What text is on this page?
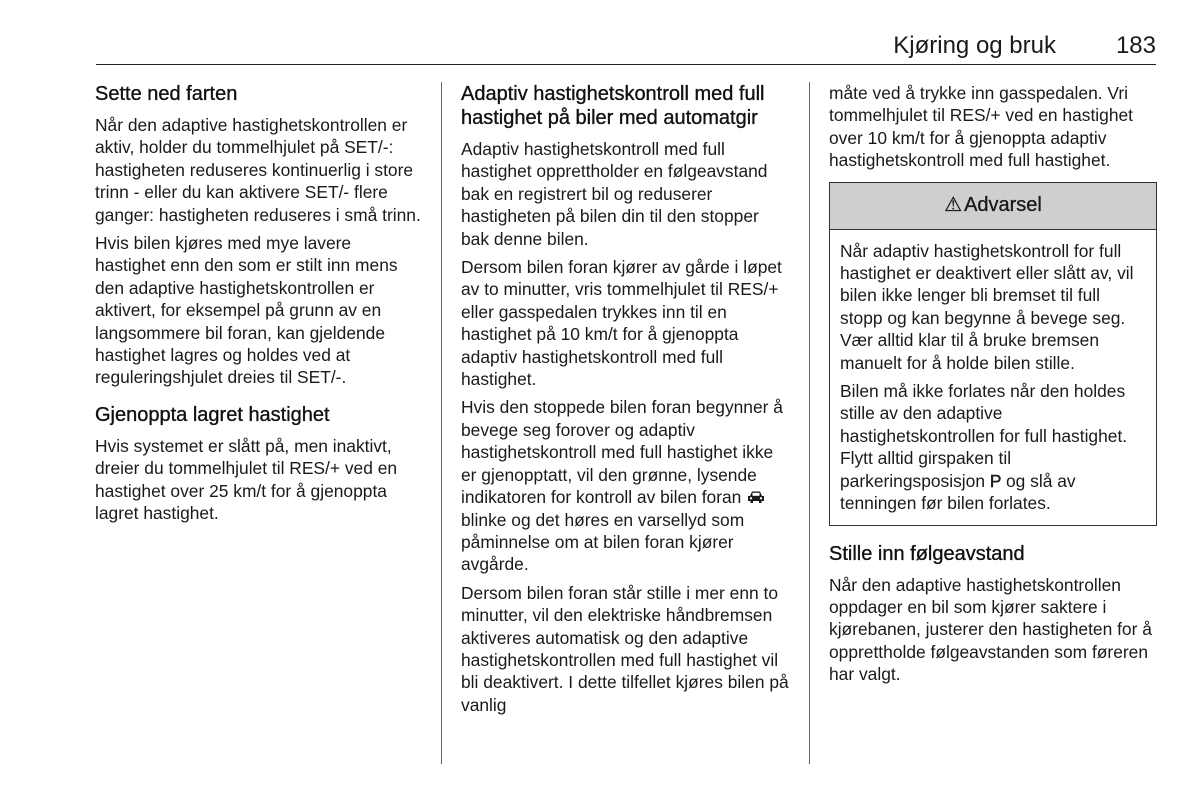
Kjøring og bruk 183
Sette ned farten

Når den adaptive hastighetskontrollen er aktiv, holder du tommelhjulet på SET/-: hastigheten reduseres kontinuerlig i store trinn - eller du kan aktivere SET/- flere ganger: hastigheten reduseres i små trinn.

Hvis bilen kjøres med mye lavere hastighet enn den som er stilt inn mens den adaptive hastighetskontrollen er aktivert, for eksempel på grunn av en langsommere bil foran, kan gjeldende hastighet lagres og holdes ved at reguleringshjulet dreies til SET/-.

Gjenoppta lagret hastighet

Hvis systemet er slått på, men inaktivt, dreier du tommelhjulet til RES/+ ved en hastighet over 25 km/t for å gjenoppta lagret hastighet.

Adaptiv hastighetskontroll med full hastighet på biler med automatgir

Adaptiv hastighetskontroll med full hastighet opprettholder en følgeavstand bak en registrert bil og reduserer hastigheten på bilen din til den stopper bak denne bilen.

Dersom bilen foran kjører av gårde i løpet av to minutter, vris tommelhjulet til RES/+ eller gasspedalen trykkes inn til en hastighet på 10 km/t for å gjenoppta adaptiv hastighetskontroll med full hastighet.

Hvis den stoppede bilen foran begynner å bevege seg forover og adaptiv hastighetskontroll med full hastighet ikke er gjenopptatt, vil den grønne, lysende indikatoren for kontroll av bilen foran  blinke og det høres en varsellyd som påminnelse om at bilen foran kjører avgårde.

Dersom bilen foran står stille i mer enn to minutter, vil den elektriske håndbremsen aktiveres automatisk og den adaptive hastighetskontrollen med full hastighet vil bli deaktivert. I dette tilfellet kjøres bilen på vanlig

måte ved å trykke inn gasspedalen. Vri tommelhjulet til RES/+ ved en hastighet over 10 km/t for å gjenoppta adaptiv hastighetskontroll med full hastighet.

⚠ Advarsel

Når adaptiv hastighetskontroll for full hastighet er deaktivert eller slått av, vil bilen ikke lenger bli bremset til full stopp og kan begynne å bevege seg. Vær alltid klar til å bruke bremsen manuelt for å holde bilen stille.

Bilen må ikke forlates når den holdes stille av den adaptive hastighetskontrollen for full hastighet. Flytt alltid girspaken til parkeringsposisjon P og slå av tenningen før bilen forlates.

Stille inn følgeavstand

Når den adaptive hastighetskontrollen oppdager en bil som kjører saktere i kjørebanen, justerer den hastigheten for å opprettholde følgeavstanden som føreren har valgt.
